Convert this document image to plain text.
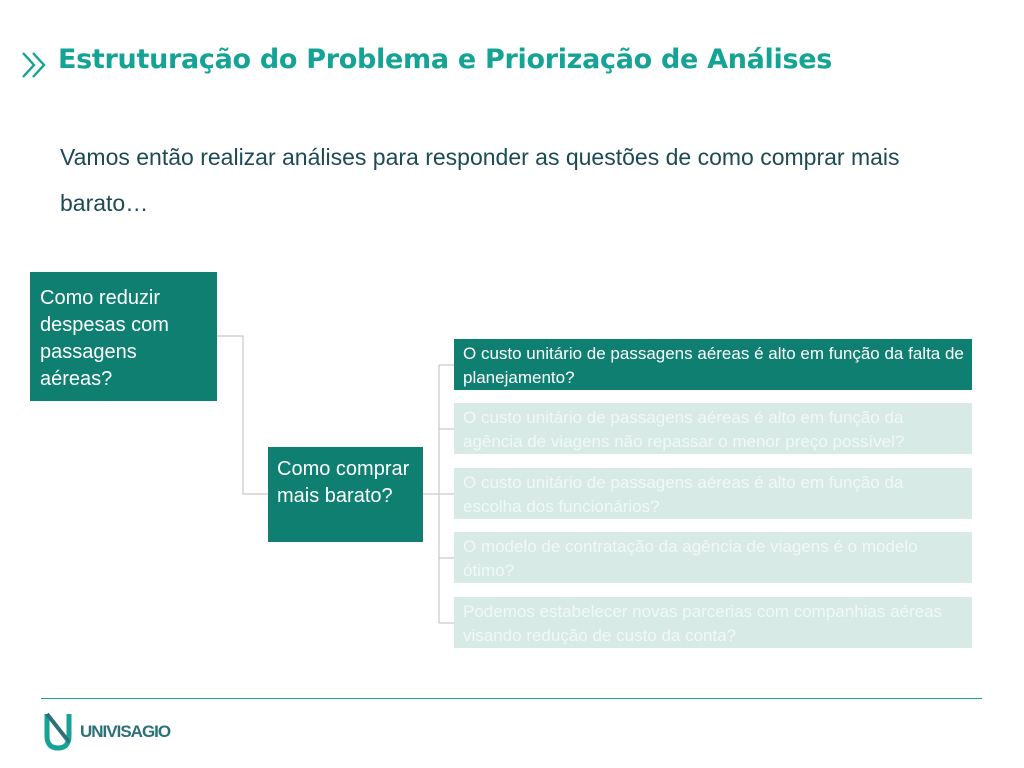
Estruturação do Problema e Priorização de Análises
Vamos então realizar análises para responder as questões de como comprar mais barato…
Como reduzir despesas com passagens aéreas?
Como comprar mais barato?
O custo unitário de passagens aéreas é alto em função da falta de planejamento?
O custo unitário de passagens aéreas é alto em função da agência de viagens não repassar o menor preço possível?
O custo unitário de passagens aéreas é alto em função da escolha dos funcionários?
O modelo de contratação da agência de viagens é o modelo ótimo?
Podemos estabelecer novas parcerias com companhias aéreas visando redução de custo da conta?
UNIVISAGIO
